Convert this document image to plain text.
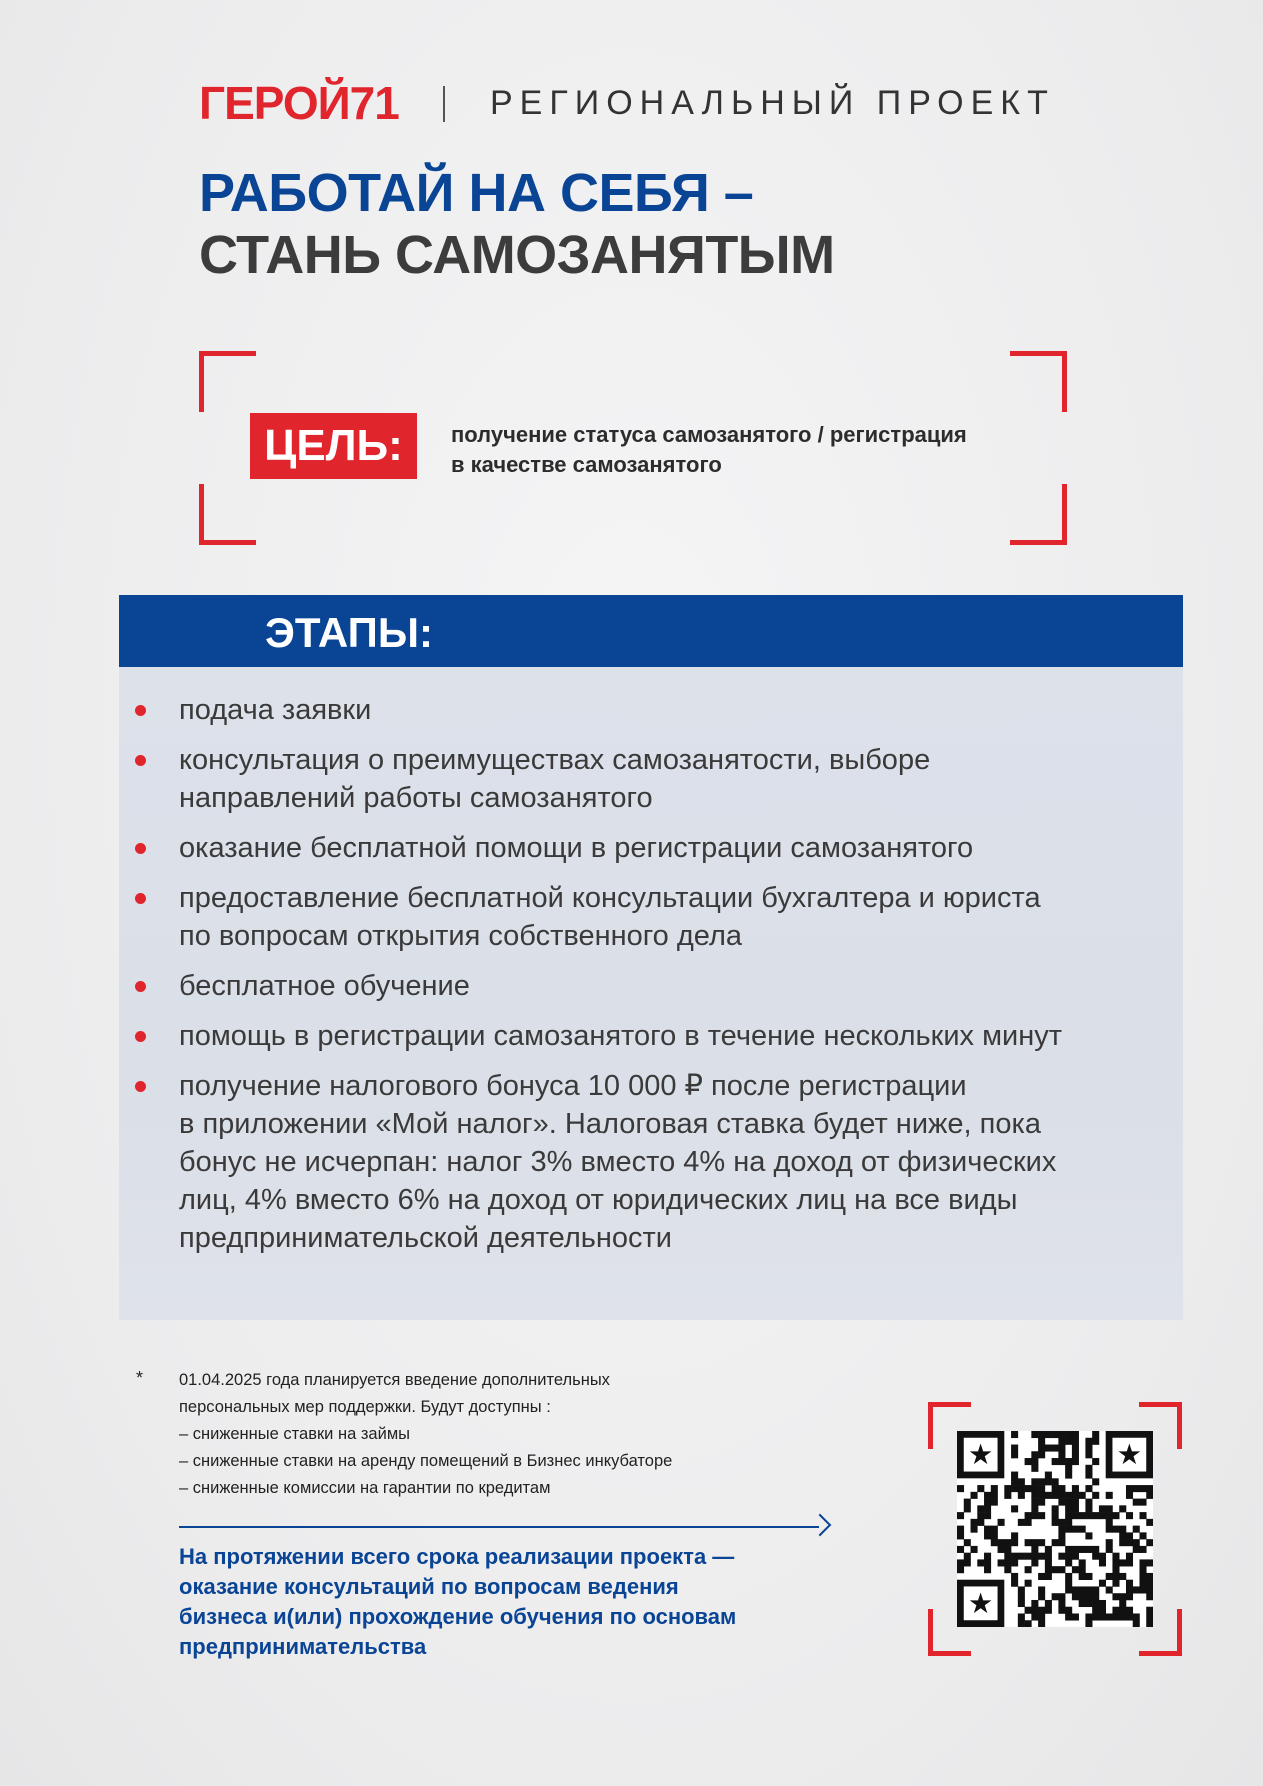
ГЕРОЙ71	РЕГИОНАЛЬНЫЙ ПРОЕКТ
РАБОТАЙ НА СЕБЯ –
СТАНЬ САМОЗАНЯТЫМ
ЦЕЛЬ: получение статуса самозанятого / регистрация
в качестве самозанятого
ЭТАПЫ:
подача заявки
консультация о преимуществах самозанятости, выборе
направлений работы самозанятого
оказание бесплатной помощи в регистрации самозанятого
предоставление бесплатной консультации бухгалтера и юриста
по вопросам открытия собственного дела
бесплатное обучение
помощь в регистрации самозанятого в течение нескольких минут
получение налогового бонуса 10 000 ₽ после регистрации
в приложении «Мой налог». Налоговая ставка будет ниже, пока
бонус не исчерпан: налог 3% вместо 4% на доход от физических
лиц, 4% вместо 6% на доход от юридических лиц на все виды
предпринимательской деятельности
* 01.04.2025 года планируется введение дополнительных
персональных мер поддержки. Будут доступны :
– сниженные ставки на займы
– сниженные ставки на аренду помещений в Бизнес инкубаторе
– сниженные комиссии на гарантии по кредитам
На протяжении всего срока реализации проекта —
оказание консультаций по вопросам ведения
бизнеса и(или) прохождение обучения по основам
предпринимательства
★	★
★
